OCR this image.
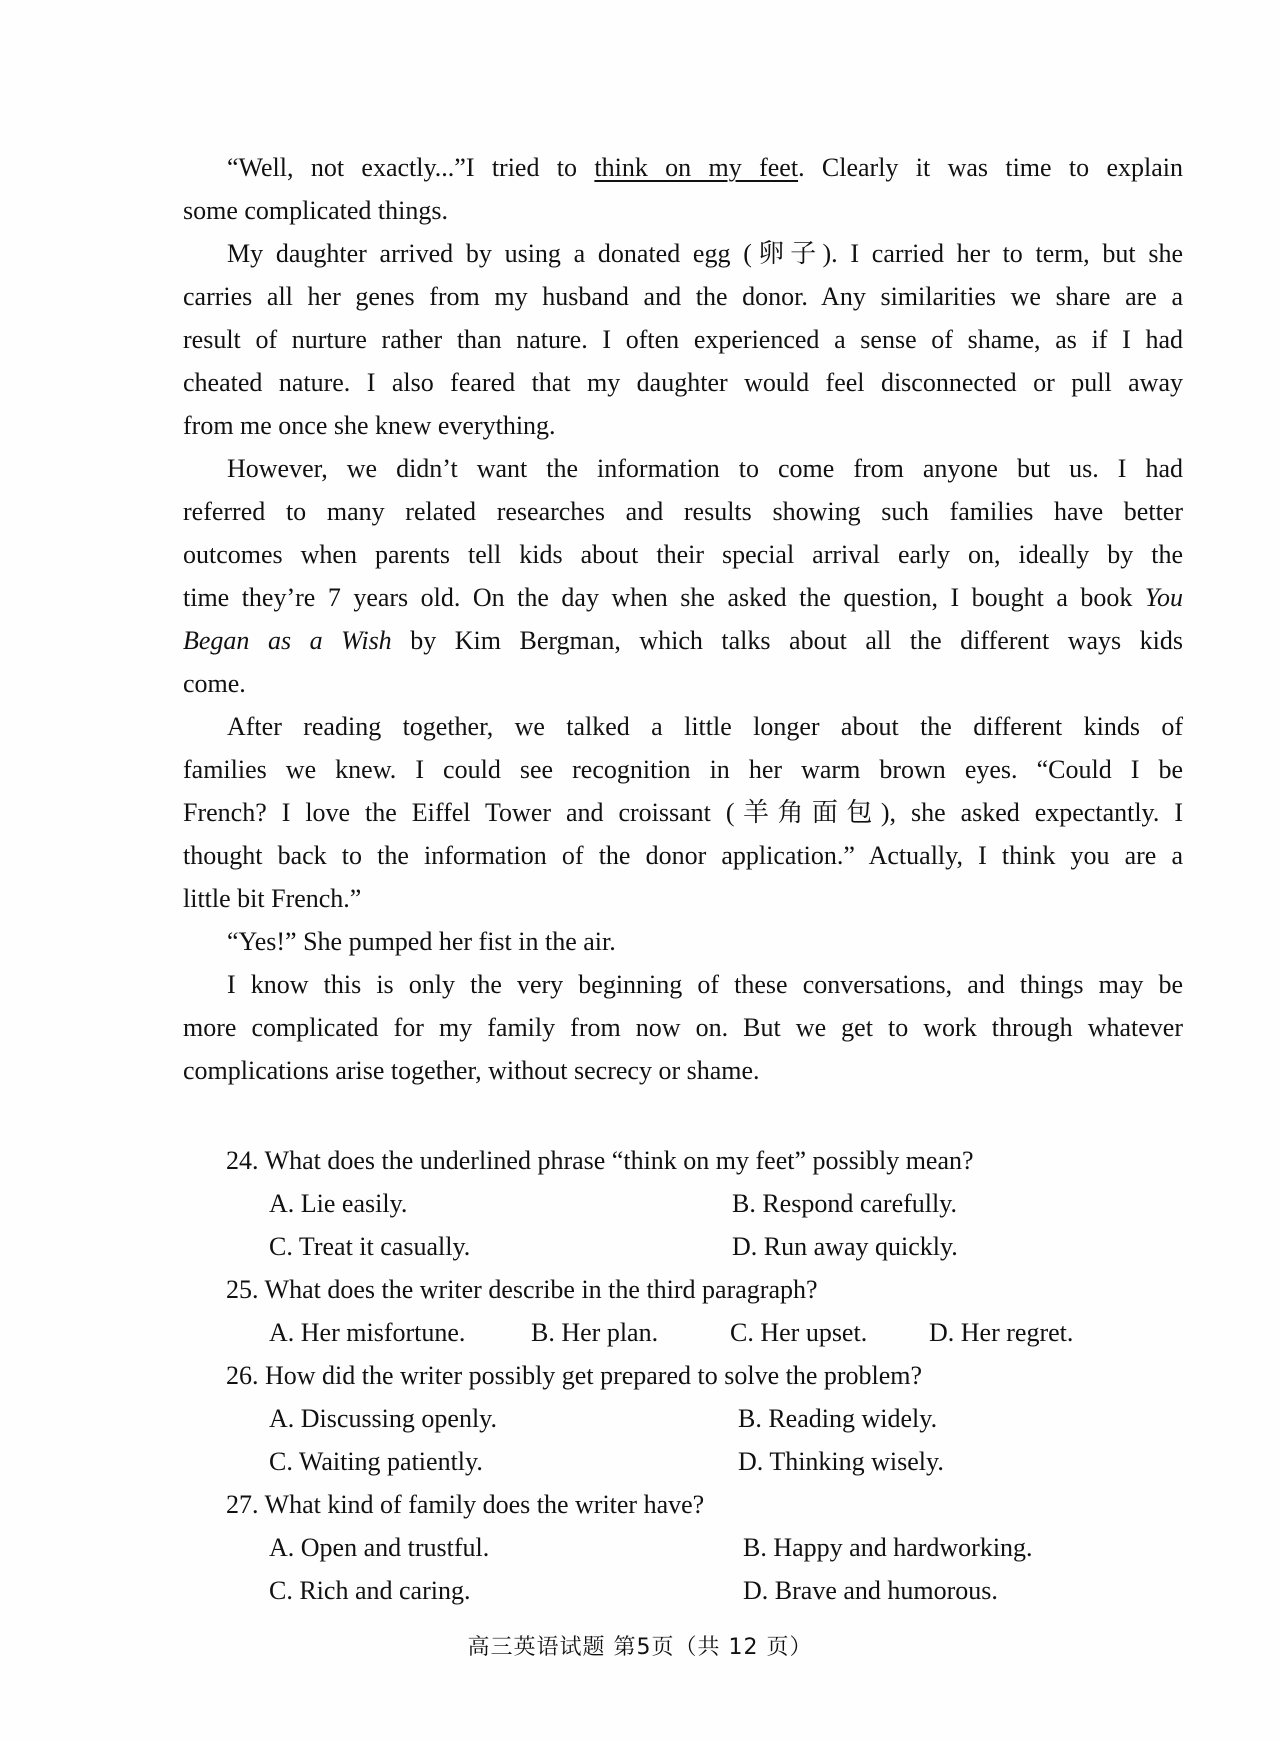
“Well, not exactly...”I tried to think on my feet. Clearly it was time to explain
some complicated things.
My daughter arrived by using a donated egg (卵子). I carried her to term, but she
carries all her genes from my husband and the donor. Any similarities we share are a
result of nurture rather than nature. I often experienced a sense of shame, as if I had
cheated nature. I also feared that my daughter would feel disconnected or pull away
from me once she knew everything.
However, we didn’t want the information to come from anyone but us. I had
referred to many related researches and results showing such families have better
outcomes when parents tell kids about their special arrival early on, ideally by the
time they’re 7 years old. On the day when she asked the question, I bought a book You
Began as a Wish by Kim Bergman, which talks about all the different ways kids
come.
After reading together, we talked a little longer about the different kinds of
families we knew. I could see recognition in her warm brown eyes. “Could I be
French? I love the Eiffel Tower and croissant (羊角面包), she asked expectantly. I
thought back to the information of the donor application.” Actually, I think you are a
little bit French.”
“Yes!” She pumped her fist in the air.
I know this is only the very beginning of these conversations, and things may be
more complicated for my family from now on. But we get to work through whatever
complications arise together, without secrecy or shame.
24. What does the underlined phrase “think on my feet” possibly mean?
A. Lie easily.	B. Respond carefully.
C. Treat it casually.	D. Run away quickly.
25. What does the writer describe in the third paragraph?
A. Her misfortune.	B. Her plan.	C. Her upset. D. Her regret.
26. How did the writer possibly get prepared to solve the problem?
A. Discussing openly.	B. Reading widely.
C. Waiting patiently.	D. Thinking wisely.
27. What kind of family does the writer have?
A. Open and trustful.	B. Happy and hardworking.
C. Rich and caring.	D. Brave and humorous.
高三英语试题 第5页（共 12 页）
